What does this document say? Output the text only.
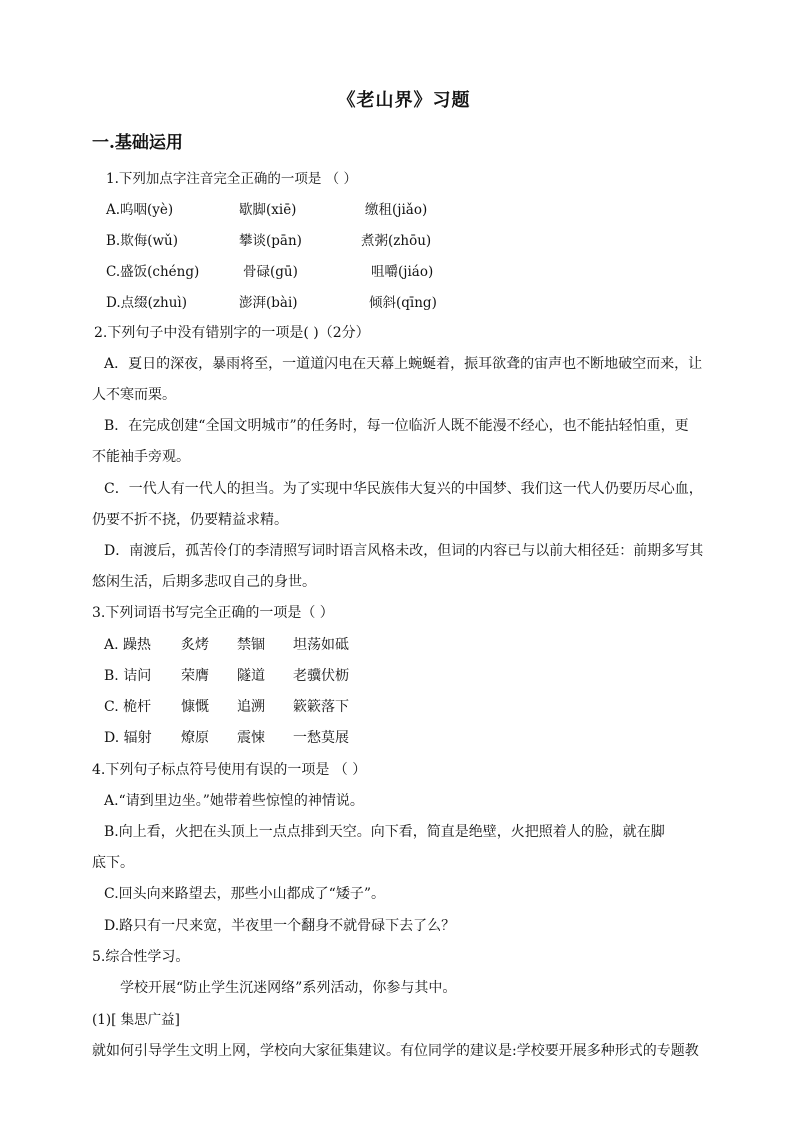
《老山界》习题
一.基础运用
1.下列加点字注音完全正确的一项是 （ ）
A.呜咽(yè)	歇脚(xiē)	缴租(jiǎo)
B.欺侮(wǔ)	攀谈(pān)	煮粥(zhōu)
C.盛饭(chéng)	骨碌(gū)	咀嚼(jiáo)
D.点缀(zhuì)	澎湃(bài)	倾斜(qīng)
2.下列句子中没有错别字的一项是( )（2分）
A．夏日的深夜，暴雨将至，一道道闪电在天幕上蜿蜒着，振耳欲聋的宙声也不断地破空而来，让
人不寒而栗。
B．在完成创建“全国文明城市”的任务时，每一位临沂人既不能漫不经心，也不能拈轻怕重，更
不能袖手旁观。
C．一代人有一代人的担当。为了实现中华民族伟大复兴的中国梦、我们这一代人仍要历尽心血，
仍要不折不挠，仍要精益求精。
D．南渡后，孤苦伶仃的李清照写词时语言风格未改，但词的内容已与以前大相径廷：前期多写其
悠闲生活，后期多悲叹自己的身世。
3.下列词语书写完全正确的一项是（ ）
A. 躁热 炙烤 禁锢 坦荡如砥
B. 诘问 荣膺 隧道 老骥伏枥
C. 桅杆 慷慨 追溯 簌簌落下
D. 辐射 燎原 震悚 一愁莫展
4.下列句子标点符号使用有误的一项是 （ ）
A.“请到里边坐。”她带着些惊惶的神情说。
B.向上看，火把在头顶上一点点排到天空。向下看，简直是绝壁，火把照着人的脸，就在脚
底下。
C.回头向来路望去，那些小山都成了“矮子”。
D.路只有一尺来宽，半夜里一个翻身不就骨碌下去了么？
5.综合性学习。
学校开展“防止学生沉迷网络”系列活动，你参与其中。
(1)[ 集思广益]
就如何引导学生文明上网，学校向大家征集建议。有位同学的建议是:学校要开展多种形式的专题教
